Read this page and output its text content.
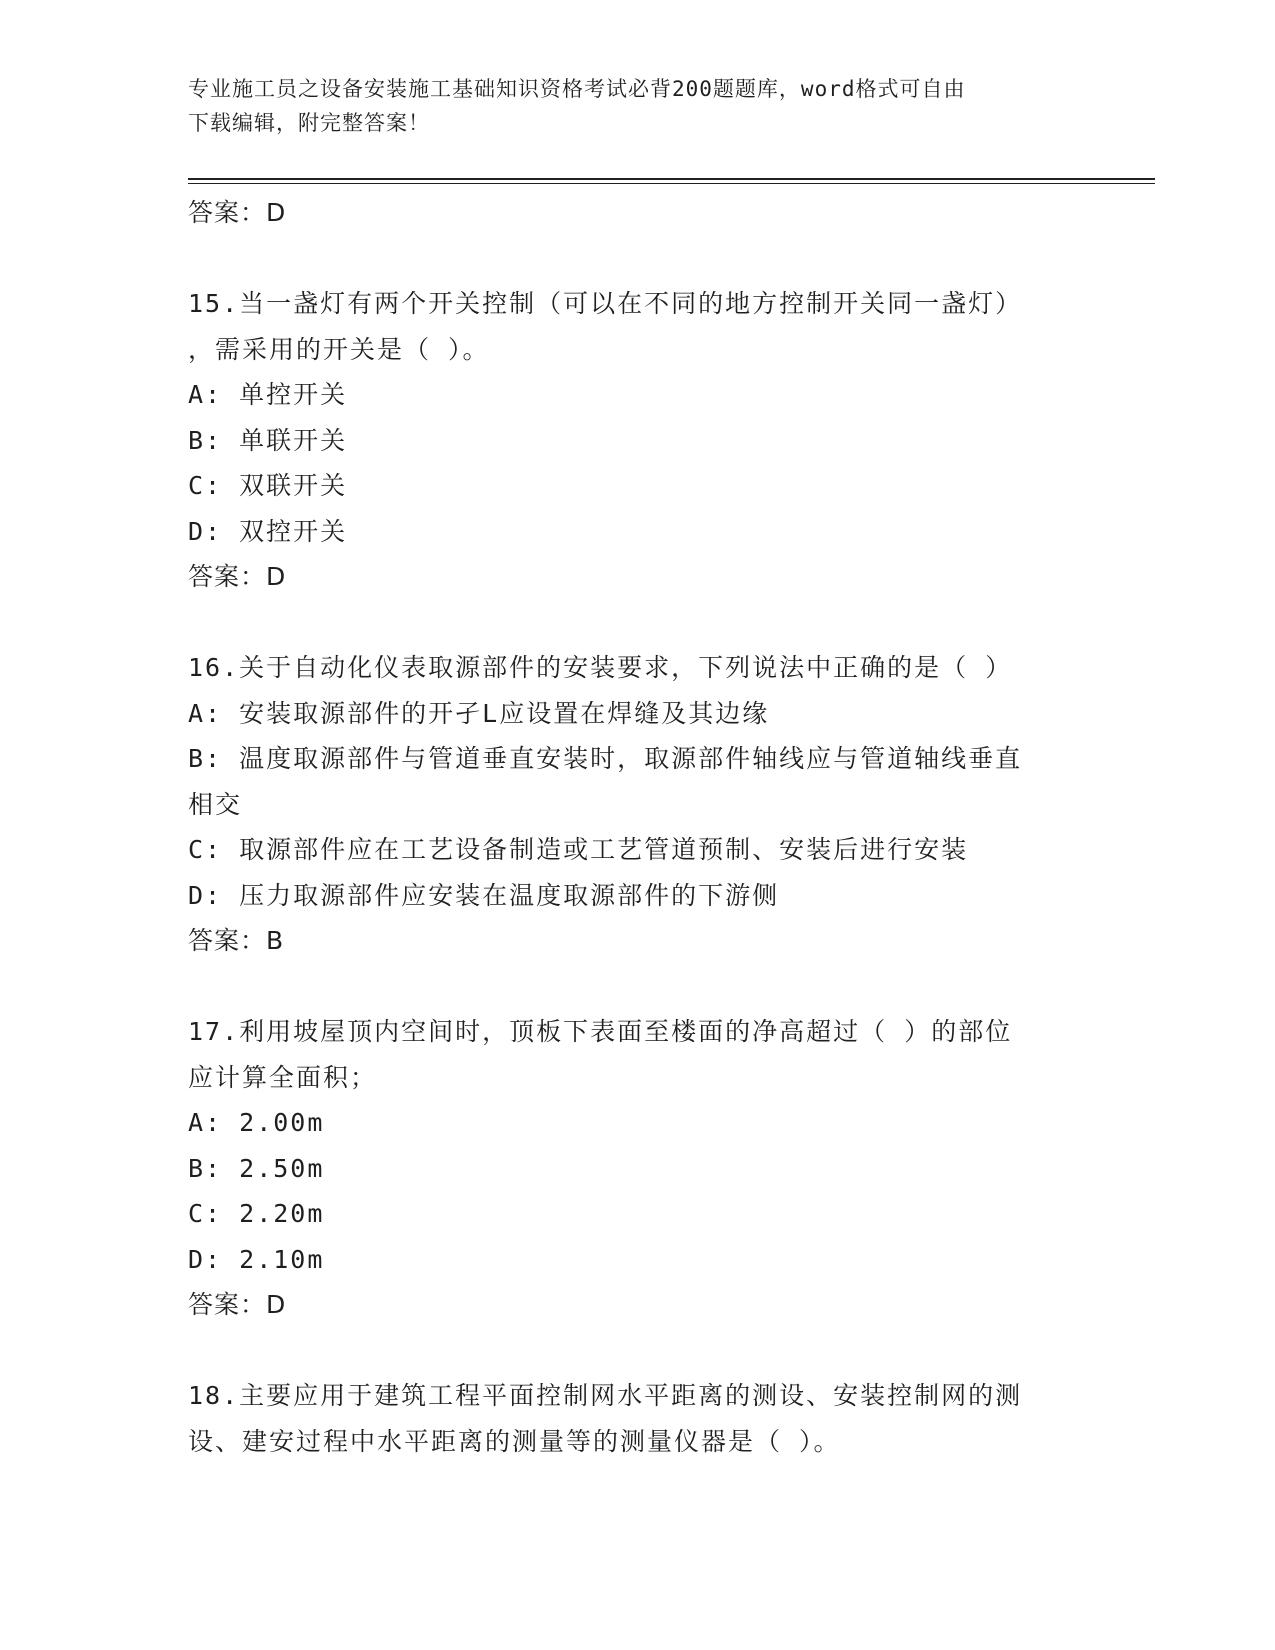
专业施工员之设备安装施工基础知识资格考试必背200题题库，word格式可自由
下载编辑，附完整答案！
答案：D
15.当一盏灯有两个开关控制（可以在不同的地方控制开关同一盏灯）
，需采用的开关是（ ）。
A: 单控开关
B: 单联开关
C: 双联开关
D: 双控开关
答案：D
16.关于自动化仪表取源部件的安装要求，下列说法中正确的是（ ）
A: 安装取源部件的开孑L应设置在焊缝及其边缘
B: 温度取源部件与管道垂直安装时，取源部件轴线应与管道轴线垂直
相交
C: 取源部件应在工艺设备制造或工艺管道预制、安装后进行安装
D: 压力取源部件应安装在温度取源部件的下游侧
答案：B
17.利用坡屋顶内空间时，顶板下表面至楼面的净高超过（ ）的部位
应计算全面积；
A: 2.00m
B: 2.50m
C: 2.20m
D: 2.10m
答案：D
18.主要应用于建筑工程平面控制网水平距离的测设、安装控制网的测
设、建安过程中水平距离的测量等的测量仪器是（ ）。
